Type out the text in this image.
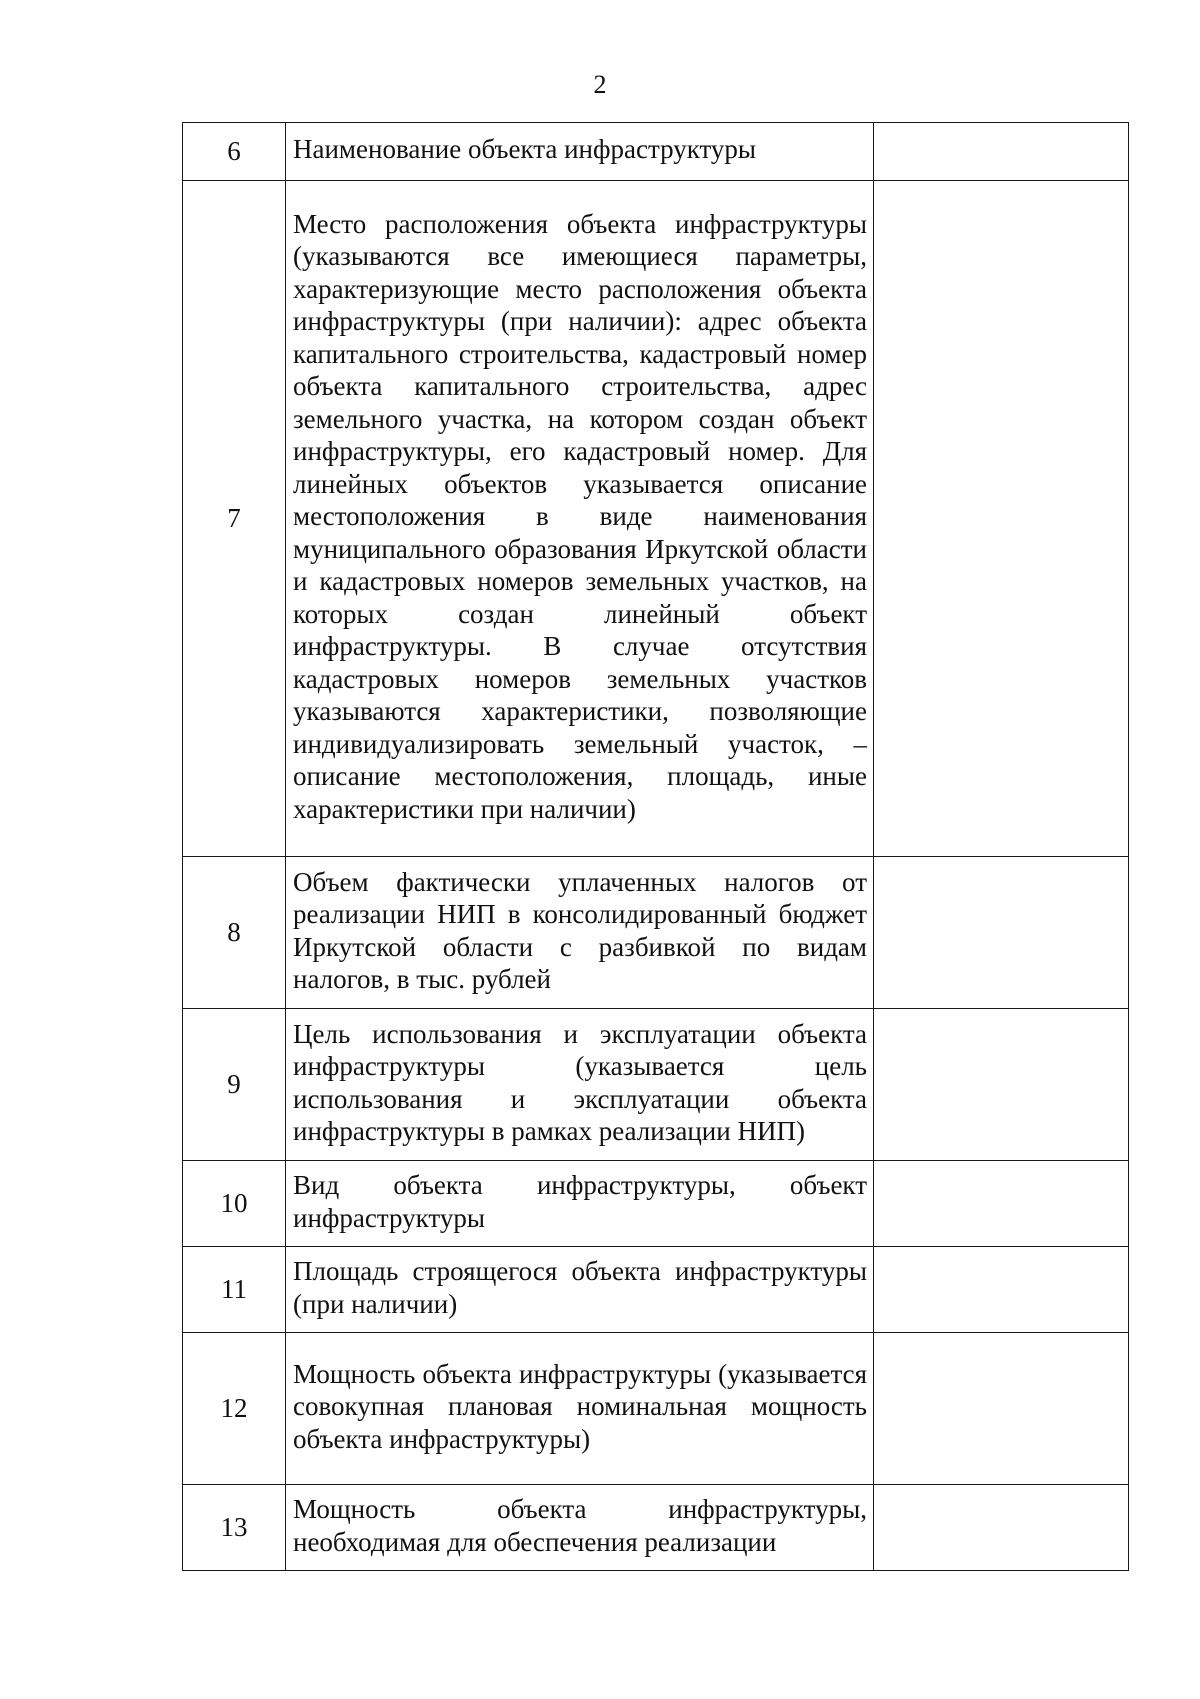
2
6	Наименование объекта инфраструктуры	
7	Место расположения объекта инфраструктуры (указываются все имеющиеся параметры, характеризующие место расположения объекта инфраструктуры (при наличии): адрес объекта капитального строительства, кадастровый номер объекта капитального строительства, адрес земельного участка, на котором создан объект инфраструктуры, его кадастровый номер. Для линейных объектов указывается описание местоположения в виде наименования муниципального образования Иркутской области и кадастровых номеров земельных участков, на которых создан линейный объект инфраструктуры. В случае отсутствия кадастровых номеров земельных участков указываются характеристики, позволяющие индивидуализировать земельный участок, – описание местоположения, площадь, иные характеристики при наличии)	
8	Объем фактически уплаченных налогов от реализации НИП в консолидированный бюджет Иркутской области с разбивкой по видам налогов, в тыс. рублей	
9	Цель использования и эксплуатации объекта инфраструктуры (указывается цель использования и эксплуатации объекта инфраструктуры в рамках реализации НИП)	
10	Вид объекта инфраструктуры, объект инфраструктуры	
11	Площадь строящегося объекта инфраструктуры (при наличии)	
12	Мощность объекта инфраструктуры (указывается совокупная плановая номинальная мощность объекта инфраструктуры)	
13	Мощность объекта инфраструктуры, необходимая для обеспечения реализации	
